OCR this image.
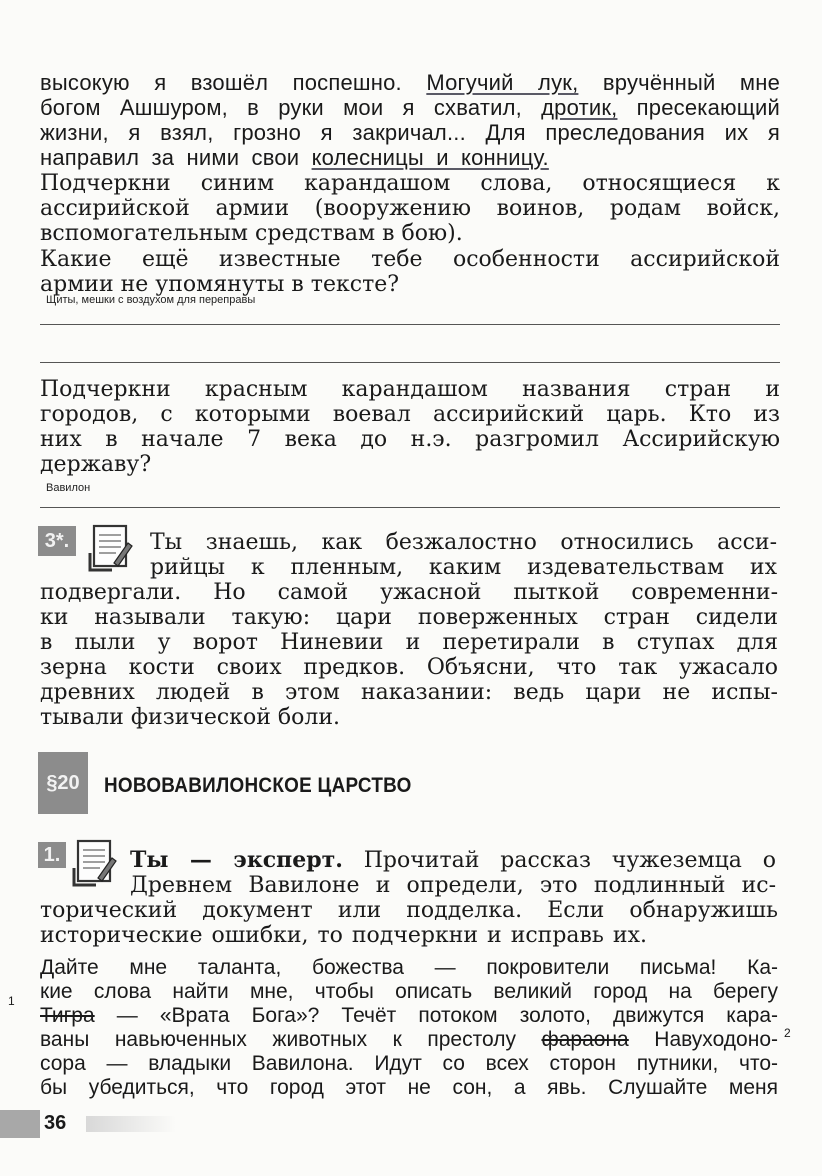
высокую я взошёл поспешно. Могучий лук, вручённый мне
богом Ашшуром, в руки мои я схватил, дротик, пресекающий
жизни, я взял, грозно я закричал... Для преследования их я
направил за ними свои колесницы и конницу.
Подчеркни синим карандашом слова, относящиеся к
ассирийской армии (вооружению воинов, родам войск,
вспомогательным средствам в бою).
Какие ещё известные тебе особенности ассирийской
армии не упомянуты в тексте?
Щиты, мешки с воздухом для переправы
Подчеркни красным карандашом названия стран и
городов, с которыми воевал ассирийский царь. Кто из
них в начале 7 века до н.э. разгромил Ассирийскую
державу?
Вавилон
3*.	Ты знаешь, как безжалостно относились асси-
рийцы к пленным, каким издевательствам их
подвергали. Но самой ужасной пыткой современни-
ки называли такую: цари поверженных стран сидели
в пыли у ворот Ниневии и перетирали в ступах для
зерна кости своих предков. Объясни, что так ужасало
древних людей в этом наказании: ведь цари не испы-
тывали физической боли.
§20	НОВОВАВИЛОНСКОЕ ЦАРСТВО
1.	Ты — эксперт. Прочитай рассказ чужеземца о
Древнем Вавилоне и определи, это подлинный ис-
торический документ или подделка. Если обнаружишь
исторические ошибки, то подчеркни и исправь их.
Дайте мне таланта, божества — покровители письма! Ка-
кие слова найти мне, чтобы описать великий город на берегу
Тигра — «Врата Бога»? Течёт потоком золото, движутся кара-
ваны навьюченных животных к престолу фараона Навуходоно-
сора — владыки Вавилона. Идут со всех сторон путники, что-
бы убедиться, что город этот не сон, а явь. Слушайте меня
1
2
36
